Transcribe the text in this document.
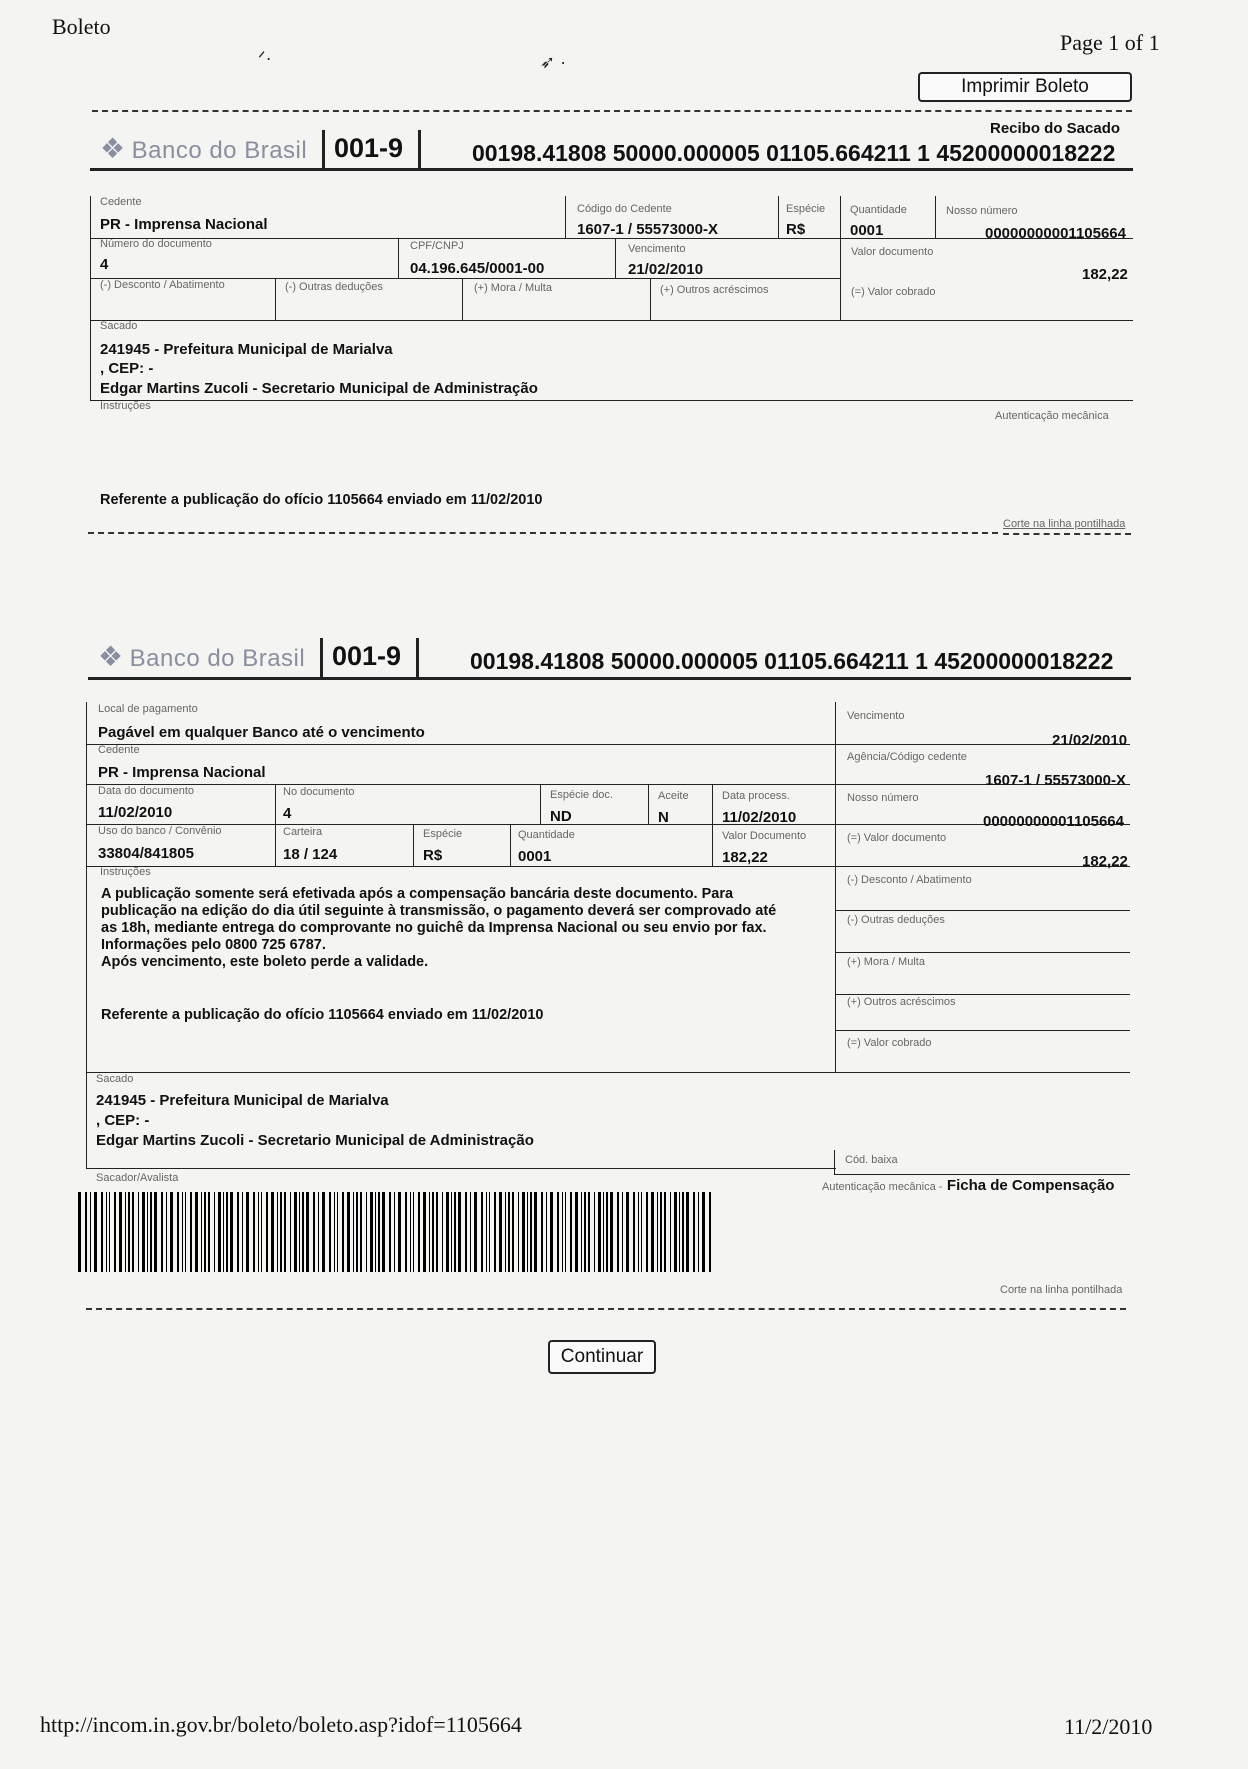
Boleto
Page 1 of 1
ᐟ·	➶ ·
Imprimir Boleto
Recibo do Sacado
❖ Banco do Brasil 001-9	00198.41808 50000.000005 01105.664211 1 45200000018222
Cedente
PR - Imprensa Nacional
Código do Cedente
1607-1 / 55573000-X
Espécie
R$
Quantidade
0001
Nosso número
00000000001105664
Número do documento
4
CPF/CNPJ
04.196.645/0001-00
Vencimento
21/02/2010
Valor documento
182,22
(-) Desconto / Abatimento	(-) Outras deduções	(+) Mora / Multa	(+) Outros acréscimos	(=) Valor cobrado
Sacado
241945 - Prefeitura Municipal de Marialva
, CEP: -
Edgar Martins Zucoli - Secretario Municipal de Administração
Instruções
Autenticação mecânica
Referente a publicação do ofício 1105664 enviado em 11/02/2010
Corte na linha pontilhada
❖ Banco do Brasil 001-9	00198.41808 50000.000005 01105.664211 1 45200000018222
Local de pagamento
Pagável em qualquer Banco até o vencimento
Vencimento
21/02/2010
Cedente
PR - Imprensa Nacional
Agência/Código cedente
1607-1 / 55573000-X
Data do documento
11/02/2010
No documento
4
Espécie doc.
ND
Aceite
N
Data process.
11/02/2010
Nosso número
00000000001105664
Uso do banco / Convênio
33804/841805
Carteira
18 / 124
Espécie
R$
Quantidade
0001
Valor Documento
182,22
(=) Valor documento
182,22
Instruções
A publicação somente será efetivada após a compensação bancária deste documento. Para
publicação na edição do dia útil seguinte à transmissão, o pagamento deverá ser comprovado até
as 18h, mediante entrega do comprovante no guichê da Imprensa Nacional ou seu envio por fax.
Informações pelo 0800 725 6787.
Após vencimento, este boleto perde a validade.
Referente a publicação do ofício 1105664 enviado em 11/02/2010
(-) Desconto / Abatimento
(-) Outras deduções
(+) Mora / Multa
(+) Outros acréscimos
(=) Valor cobrado
Sacado
241945 - Prefeitura Municipal de Marialva
, CEP: -
Edgar Martins Zucoli - Secretario Municipal de Administração
Cód. baixa
Sacador/Avalista
Autenticação mecânica - Ficha de Compensação
Corte na linha pontilhada
Continuar
http://incom.in.gov.br/boleto/boleto.asp?idof=1105664	11/2/2010
